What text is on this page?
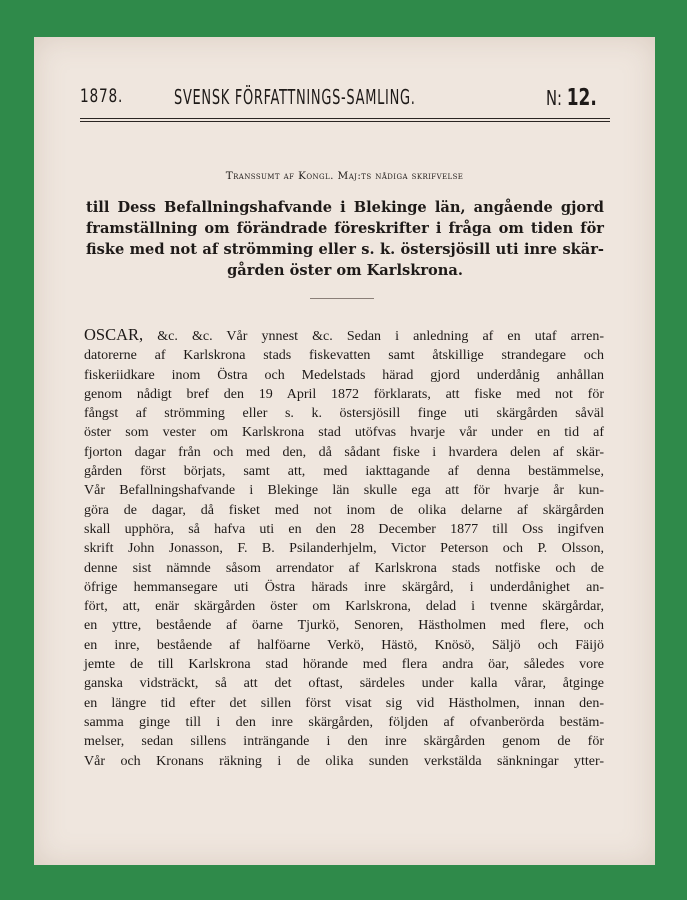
1878.	SVENSK FÖRFATTNINGS-SAMLING.	N: 12.
Transsumt af Kongl. Maj:ts nådiga skrifvelse
till Dess Befallningshafvande i Blekinge län, angående gjord
framställning om förändrade föreskrifter i fråga om tiden för
fiske med not af strömming eller s. k. östersjösill uti inre skär-
gården öster om Karlskrona.
OSCAR, &c. &c. Vår ynnest &c. Sedan i anledning af en utaf arren-
datorerne af Karlskrona stads fiskevatten samt åtskillige strandegare och
fiskeriidkare inom Östra och Medelstads härad gjord underdånig anhållan
genom nådigt bref den 19 April 1872 förklarats, att fiske med not för
fångst af strömming eller s. k. östersjösill finge uti skärgården såväl
öster som vester om Karlskrona stad utöfvas hvarje vår under en tid af
fjorton dagar från och med den, då sådant fiske i hvardera delen af skär-
gården först börjats, samt att, med iakttagande af denna bestämmelse,
Vår Befallningshafvande i Blekinge län skulle ega att för hvarje år kun-
göra de dagar, då fisket med not inom de olika delarne af skärgården
skall upphöra, så hafva uti en den 28 December 1877 till Oss ingifven
skrift John Jonasson, F. B. Psilanderhjelm, Victor Peterson och P. Olsson,
denne sist nämnde såsom arrendator af Karlskrona stads notfiske och de
öfrige hemmansegare uti Östra härads inre skärgård, i underdånighet an-
fört, att, enär skärgården öster om Karlskrona, delad i tvenne skärgårdar,
en yttre, bestående af öarne Tjurkö, Senoren, Hästholmen med flere, och
en inre, bestående af halföarne Verkö, Hästö, Knösö, Säljö och Fäijö
jemte de till Karlskrona stad hörande med flera andra öar, således vore
ganska vidsträckt, så att det oftast, särdeles under kalla vårar, åtginge
en längre tid efter det sillen först visat sig vid Hästholmen, innan den-
samma ginge till i den inre skärgården, följden af ofvanberörda bestäm-
melser, sedan sillens inträngande i den inre skärgården genom de för
Vår och Kronans räkning i de olika sunden verkstälda sänkningar ytter-
